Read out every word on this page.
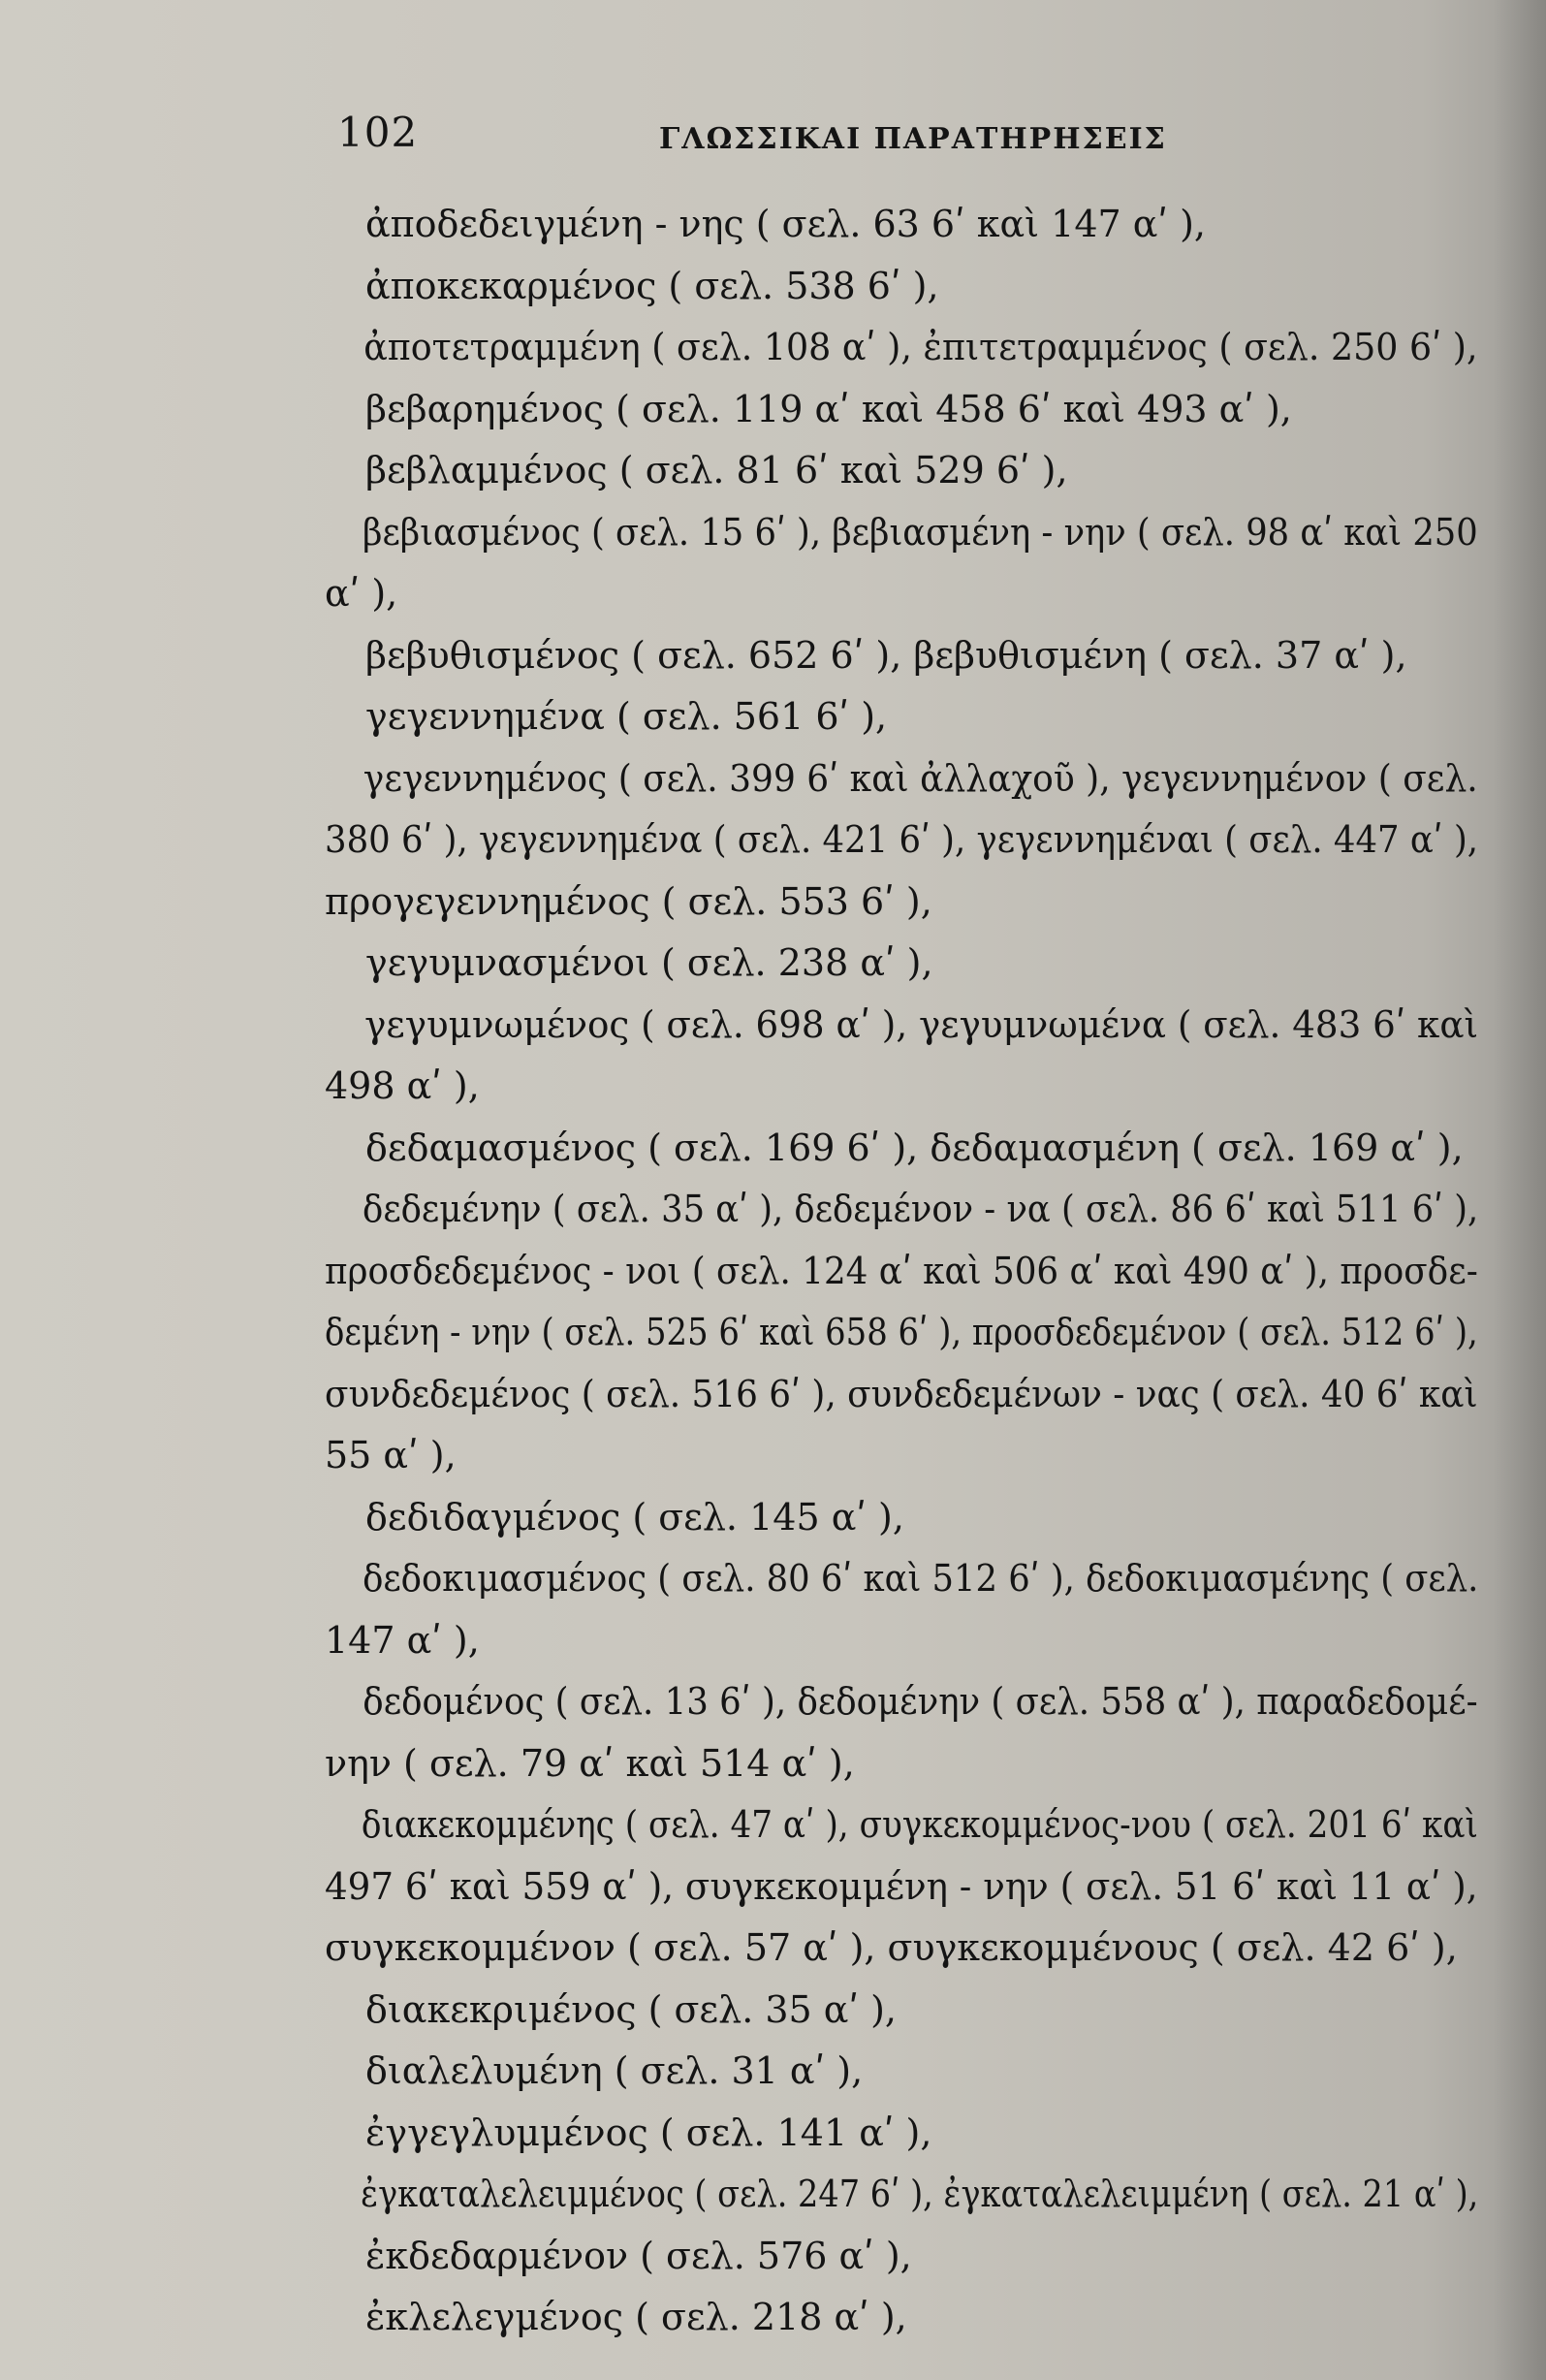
102	ΓΛΩΣΣΙΚΑΙ ΠΑΡΑΤΗΡΗΣΕΙΣ
ἀποδεδειγμένη - νης ( σελ. 63 6ʹ καὶ 147 αʹ ),
ἀποκεκαρμένος ( σελ. 538 6ʹ ),
ἀποτετραμμένη ( σελ. 108 αʹ ), ἐπιτετραμμένος ( σελ. 250 6ʹ ),
βεβαρημένος ( σελ. 119 αʹ καὶ 458 6ʹ καὶ 493 αʹ ),
βεβλαμμένος ( σελ. 81 6ʹ καὶ 529 6ʹ ),
βεβιασμένος ( σελ. 15 6ʹ ), βεβιασμένη - νην ( σελ. 98 αʹ καὶ 250
αʹ ),
βεβυθισμένος ( σελ. 652 6ʹ ), βεβυθισμένη ( σελ. 37 αʹ ),
γεγεννημένα ( σελ. 561 6ʹ ),
γεγεννημένος ( σελ. 399 6ʹ καὶ ἀλλαχοῦ ), γεγεννημένον ( σελ.
380 6ʹ ), γεγεννημένα ( σελ. 421 6ʹ ), γεγεννημέναι ( σελ. 447 αʹ ),
προγεγεννημένος ( σελ. 553 6ʹ ),
γεγυμνασμένοι ( σελ. 238 αʹ ),
γεγυμνωμένος ( σελ. 698 αʹ ), γεγυμνωμένα ( σελ. 483 6ʹ καὶ
498 αʹ ),
δεδαμασμένος ( σελ. 169 6ʹ ), δεδαμασμένη ( σελ. 169 αʹ ),
δεδεμένην ( σελ. 35 αʹ ), δεδεμένον - να ( σελ. 86 6ʹ καὶ 511 6ʹ ),
προσδεδεμένος - νοι ( σελ. 124 αʹ καὶ 506 αʹ καὶ 490 αʹ ), προσδε-
δεμένη - νην ( σελ. 525 6ʹ καὶ 658 6ʹ ), προσδεδεμένον ( σελ. 512 6ʹ ),
συνδεδεμένος ( σελ. 516 6ʹ ), συνδεδεμένων - νας ( σελ. 40 6ʹ καὶ
55 αʹ ),
δεδιδαγμένος ( σελ. 145 αʹ ),
δεδοκιμασμένος ( σελ. 80 6ʹ καὶ 512 6ʹ ), δεδοκιμασμένης ( σελ.
147 αʹ ),
δεδομένος ( σελ. 13 6ʹ ), δεδομένην ( σελ. 558 αʹ ), παραδεδομέ-
νην ( σελ. 79 αʹ καὶ 514 αʹ ),
διακεκομμένης ( σελ. 47 αʹ ), συγκεκομμένος-νου ( σελ. 201 6ʹ καὶ
497 6ʹ καὶ 559 αʹ ), συγκεκομμένη - νην ( σελ. 51 6ʹ καὶ 11 αʹ ),
συγκεκομμένον ( σελ. 57 αʹ ), συγκεκομμένους ( σελ. 42 6ʹ ),
διακεκριμένος ( σελ. 35 αʹ ),
διαλελυμένη ( σελ. 31 αʹ ),
ἐγγεγλυμμένος ( σελ. 141 αʹ ),
ἐγκαταλελειμμένος ( σελ. 247 6ʹ ), ἐγκαταλελειμμένη ( σελ. 21 αʹ ),
ἐκδεδαρμένον ( σελ. 576 αʹ ),
ἐκλελεγμένος ( σελ. 218 αʹ ),
